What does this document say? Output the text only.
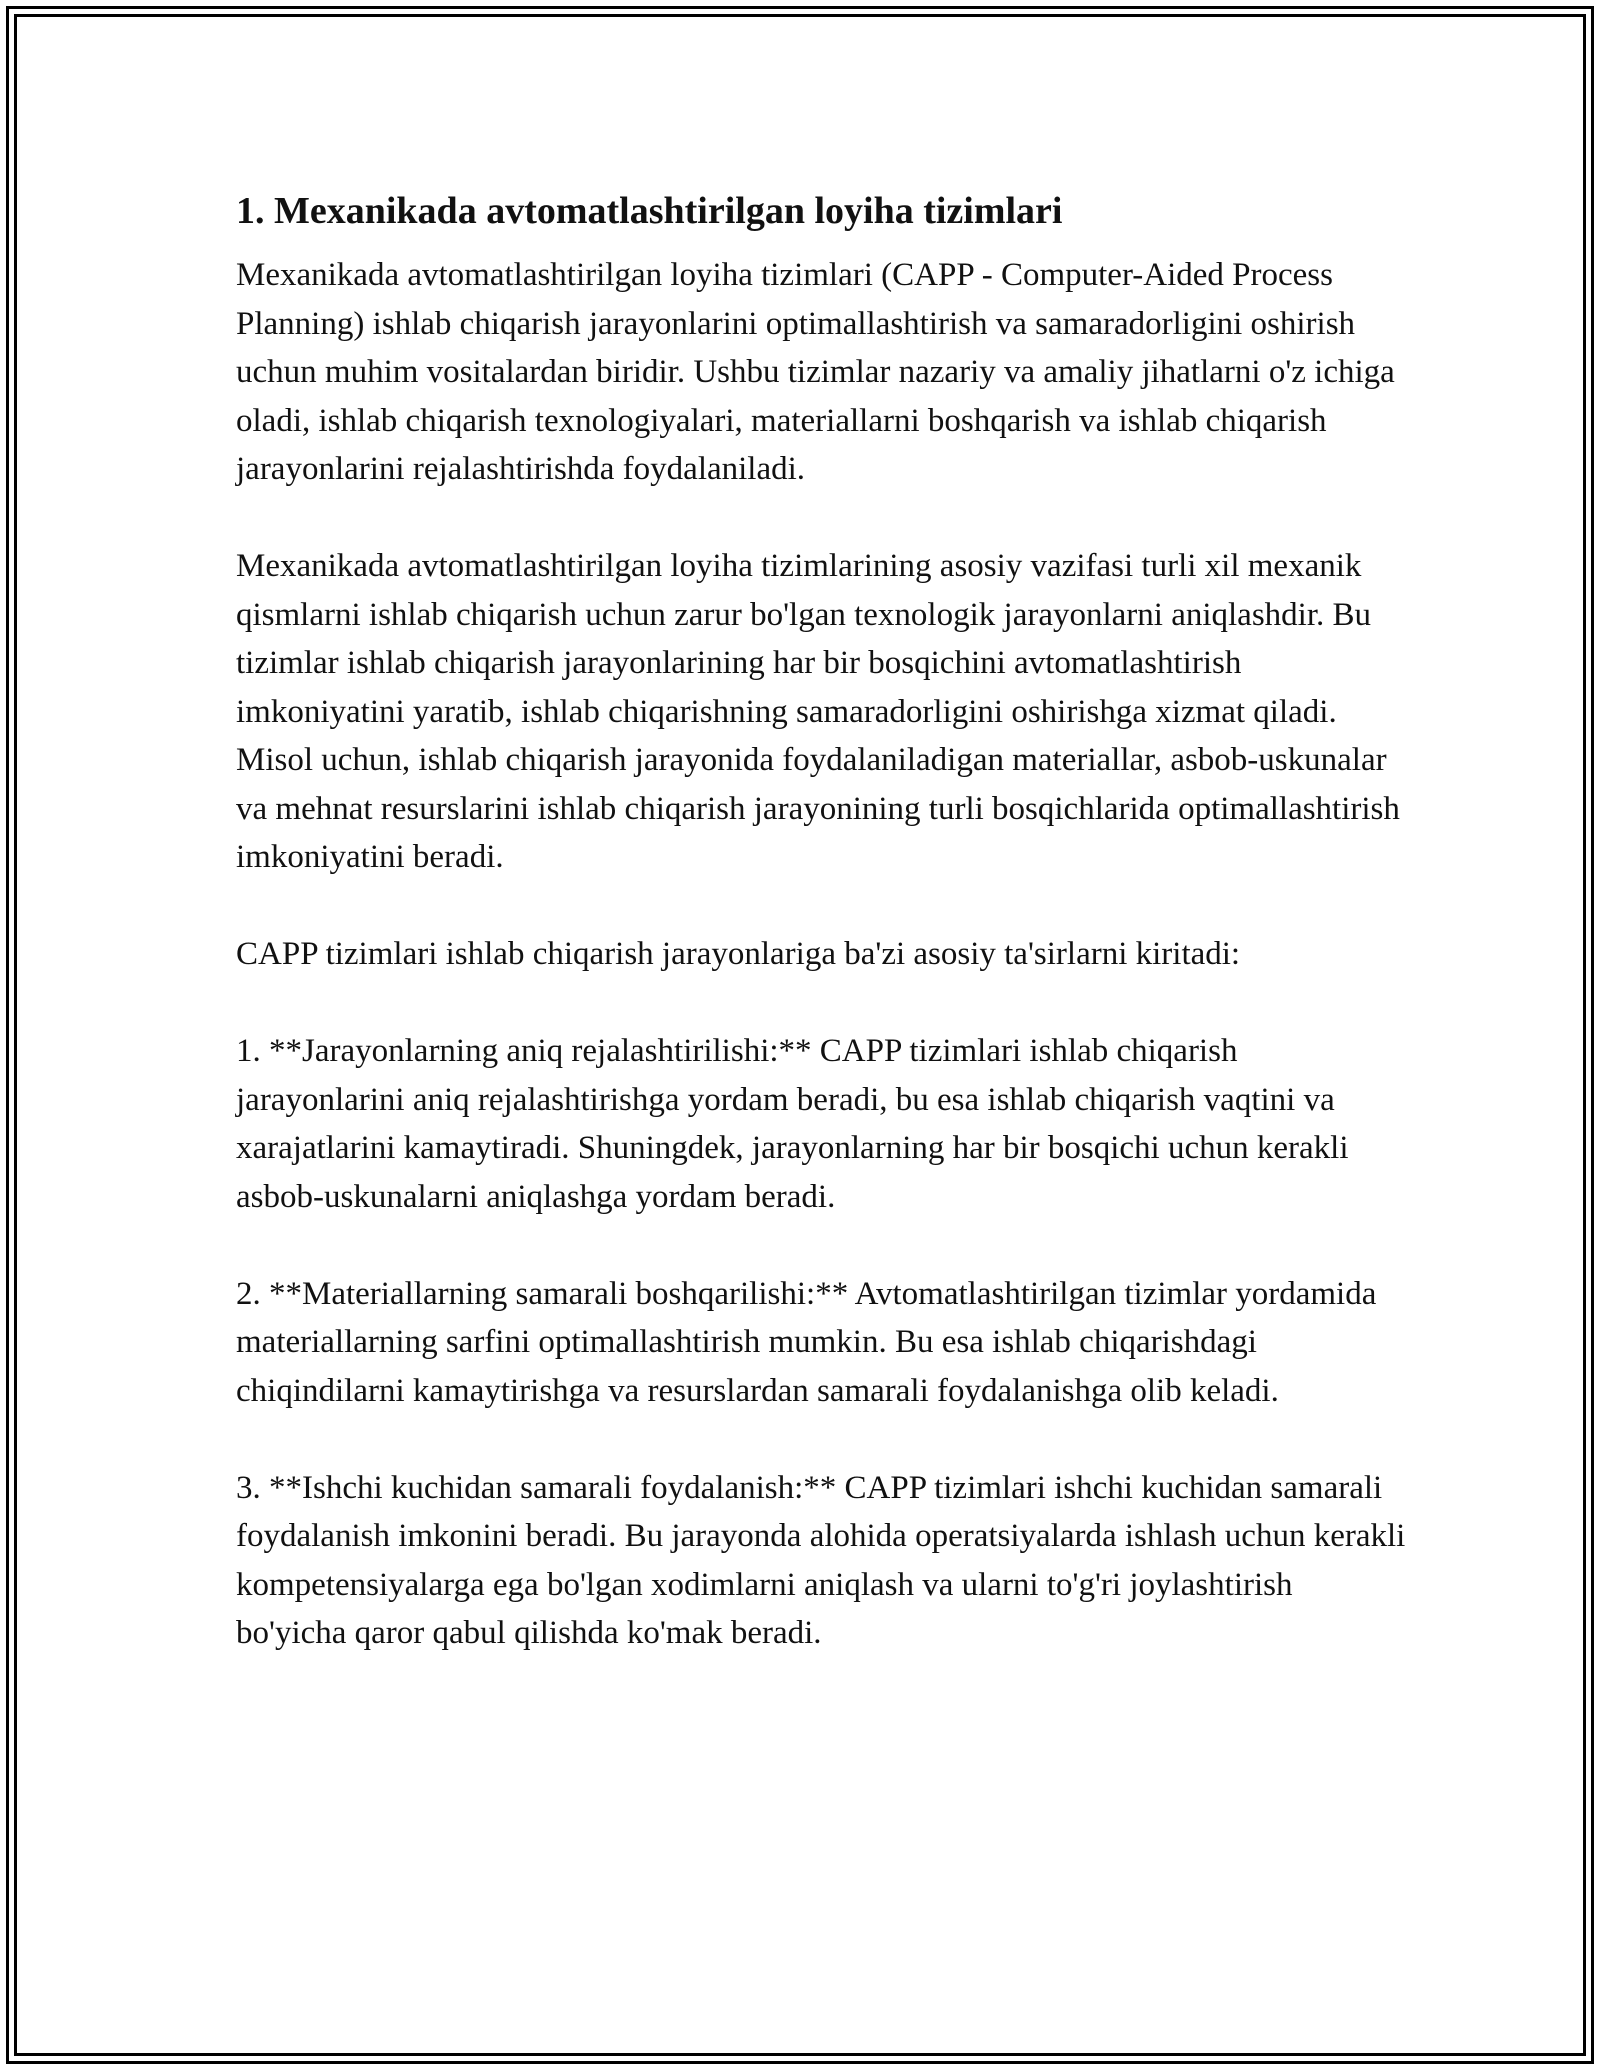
1. Mexanikada avtomatlashtirilgan loyiha tizimlari

Mexanikada avtomatlashtirilgan loyiha tizimlari (CAPP - Computer-Aided Process Planning) ishlab chiqarish jarayonlarini optimallashtirish va samaradorligini oshirish uchun muhim vositalardan biridir. Ushbu tizimlar nazariy va amaliy jihatlarni o'z ichiga oladi, ishlab chiqarish texnologiyalari, materiallarni boshqarish va ishlab chiqarish jarayonlarini rejalashtirishda foydalaniladi.

Mexanikada avtomatlashtirilgan loyiha tizimlarining asosiy vazifasi turli xil mexanik qismlarni ishlab chiqarish uchun zarur bo'lgan texnologik jarayonlarni aniqlashdir. Bu tizimlar ishlab chiqarish jarayonlarining har bir bosqichini avtomatlashtirish imkoniyatini yaratib, ishlab chiqarishning samaradorligini oshirishga xizmat qiladi. Misol uchun, ishlab chiqarish jarayonida foydalaniladigan materiallar, asbob-uskunalar va mehnat resurslarini ishlab chiqarish jarayonining turli bosqichlarida optimallashtirish imkoniyatini beradi.

CAPP tizimlari ishlab chiqarish jarayonlariga ba'zi asosiy ta'sirlarni kiritadi:

1. **Jarayonlarning aniq rejalashtirilishi:** CAPP tizimlari ishlab chiqarish jarayonlarini aniq rejalashtirishga yordam beradi, bu esa ishlab chiqarish vaqtini va xarajatlarini kamaytiradi. Shuningdek, jarayonlarning har bir bosqichi uchun kerakli asbob-uskunalarni aniqlashga yordam beradi.

2. **Materiallarning samarali boshqarilishi:** Avtomatlashtirilgan tizimlar yordamida materiallarning sarfini optimallashtirish mumkin. Bu esa ishlab chiqarishdagi chiqindilarni kamaytirishga va resurslardan samarali foydalanishga olib keladi.

3. **Ishchi kuchidan samarali foydalanish:** CAPP tizimlari ishchi kuchidan samarali foydalanish imkonini beradi. Bu jarayonda alohida operatsiyalarda ishlash uchun kerakli kompetensiyalarga ega bo'lgan xodimlarni aniqlash va ularni to'g'ri joylashtirish bo'yicha qaror qabul qilishda ko'mak beradi.
